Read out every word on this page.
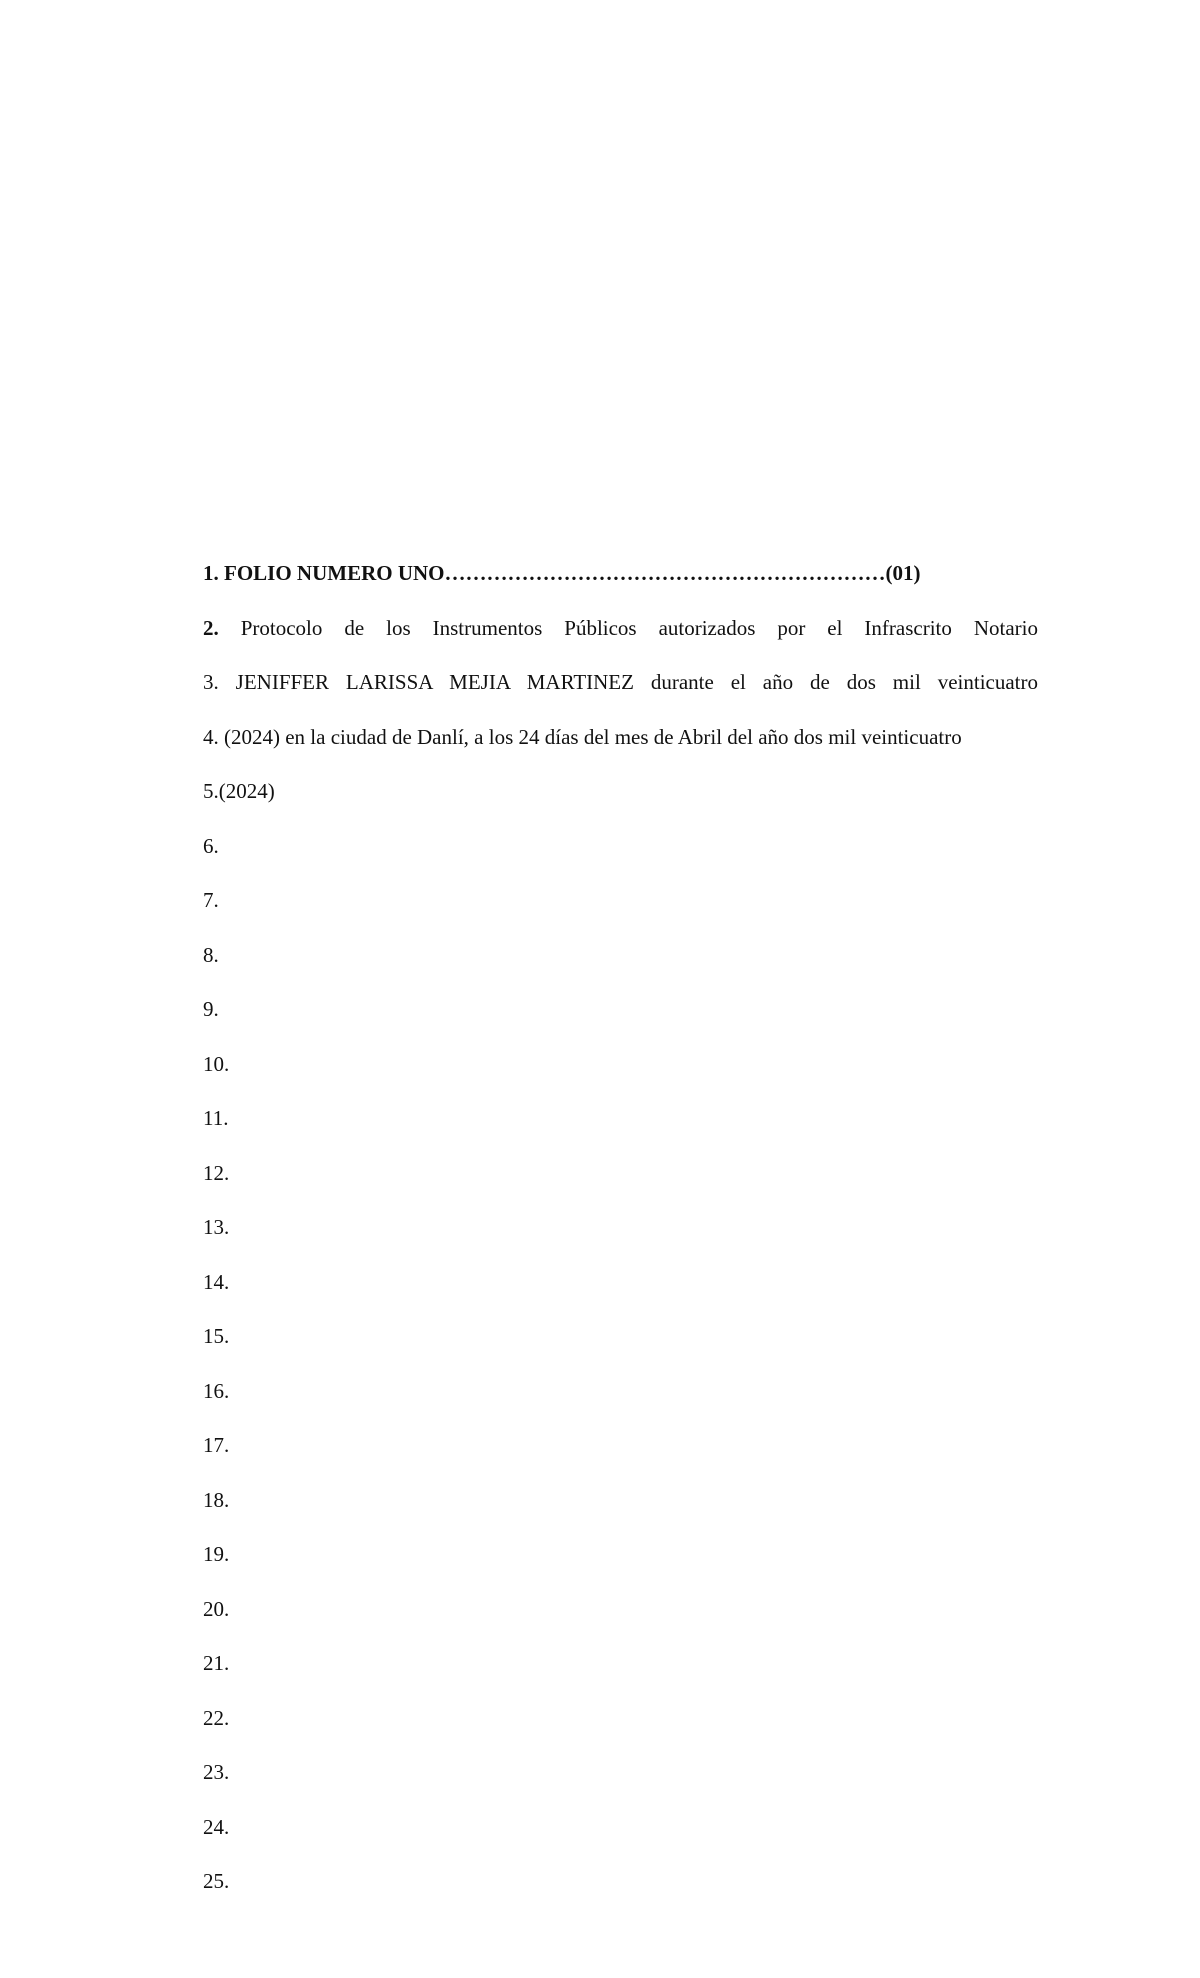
1. FOLIO NUMERO UNO………………………………………………………(01)
2. Protocolo de los Instrumentos Públicos autorizados por el Infrascrito Notario
3. JENIFFER LARISSA MEJIA MARTINEZ durante el año de dos mil veinticuatro
4. (2024) en la ciudad de Danlí, a los 24 días del mes de Abril del año dos mil veinticuatro
5.(2024)
6.
7.
8.
9.
10.
11.
12.
13.
14.
15.
16.
17.
18.
19.
20.
21.
22.
23.
24.
25.
